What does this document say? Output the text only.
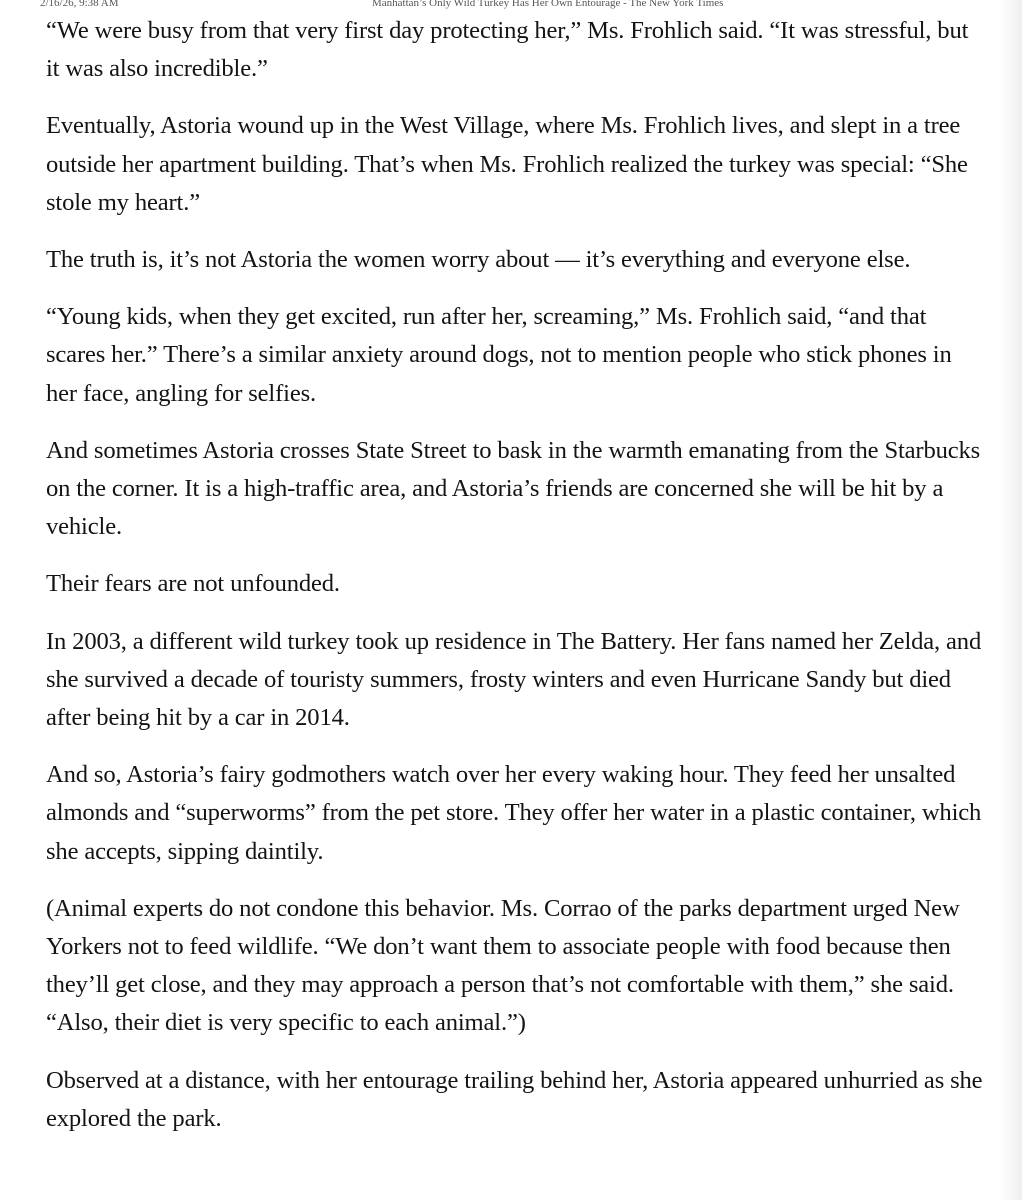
2/16/26, 9:38 AM	Manhattan’s Only Wild Turkey Has Her Own Entourage - The New York Times

“We were busy from that very first day protecting her,” Ms. Frohlich said. “It was stressful, but it was also incredible.”

Eventually, Astoria wound up in the West Village, where Ms. Frohlich lives, and slept in a tree outside her apartment building. That’s when Ms. Frohlich realized the turkey was special: “She stole my heart.”

The truth is, it’s not Astoria the women worry about — it’s everything and everyone else.

“Young kids, when they get excited, run after her, screaming,” Ms. Frohlich said, “and that scares her.” There’s a similar anxiety around dogs, not to mention people who stick phones in her face, angling for selfies.

And sometimes Astoria crosses State Street to bask in the warmth emanating from the Starbucks on the corner. It is a high-traffic area, and Astoria’s friends are concerned she will be hit by a vehicle.

Their fears are not unfounded.

In 2003, a different wild turkey took up residence in The Battery. Her fans named her Zelda, and she survived a decade of touristy summers, frosty winters and even Hurricane Sandy but died after being hit by a car in 2014.

And so, Astoria’s fairy godmothers watch over her every waking hour. They feed her unsalted almonds and “superworms” from the pet store. They offer her water in a plastic container, which she accepts, sipping daintily.

(Animal experts do not condone this behavior. Ms. Corrao of the parks department urged New Yorkers not to feed wildlife. “We don’t want them to associate people with food because then they’ll get close, and they may approach a person that’s not comfortable with them,” she said. “Also, their diet is very specific to each animal.”)

Observed at a distance, with her entourage trailing behind her, Astoria appeared unhurried as she explored the park.
